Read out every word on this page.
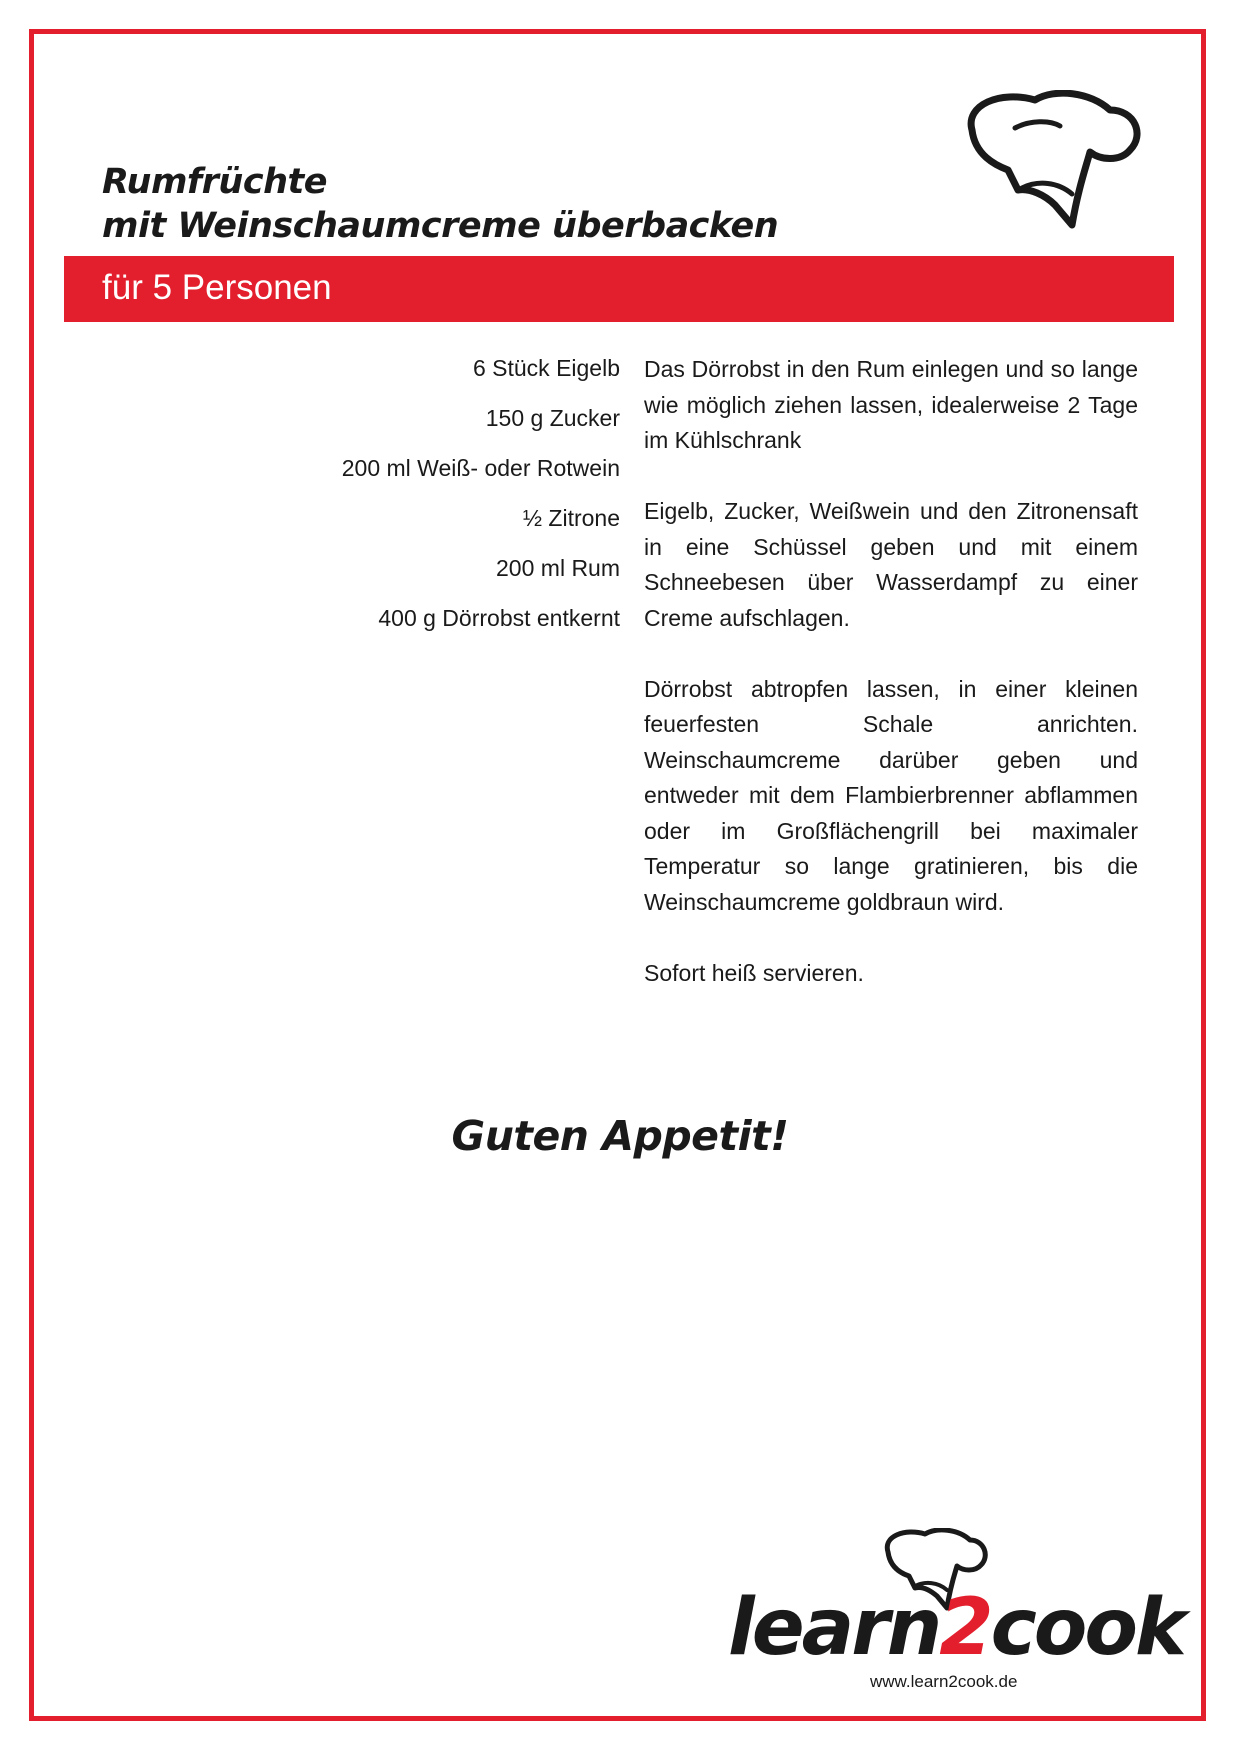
Rumfrüchte
mit Weinschaumcreme überbacken
für 5 Personen
6 Stück Eigelb
150 g Zucker
200 ml Weiß- oder Rotwein
½ Zitrone
200 ml Rum
400 g Dörrobst entkernt

Das Dörrobst in den Rum einlegen und so lange wie möglich ziehen lassen, idealerweise 2 Tage im Kühlschrank

Eigelb, Zucker, Weißwein und den Zitronensaft in eine Schüssel geben und mit einem Schneebesen über Wasserdampf zu einer Creme aufschlagen.

Dörrobst abtropfen lassen, in einer kleinen feuerfesten Schale anrichten. Weinschaumcreme darüber geben und entweder mit dem Flambierbrenner abflammen oder im Großflächengrill bei maximaler Temperatur so lange gratinieren, bis die Weinschaumcreme goldbraun wird.

Sofort heiß servieren.

Guten Appetit!
learn2cook
www.learn2cook.de
